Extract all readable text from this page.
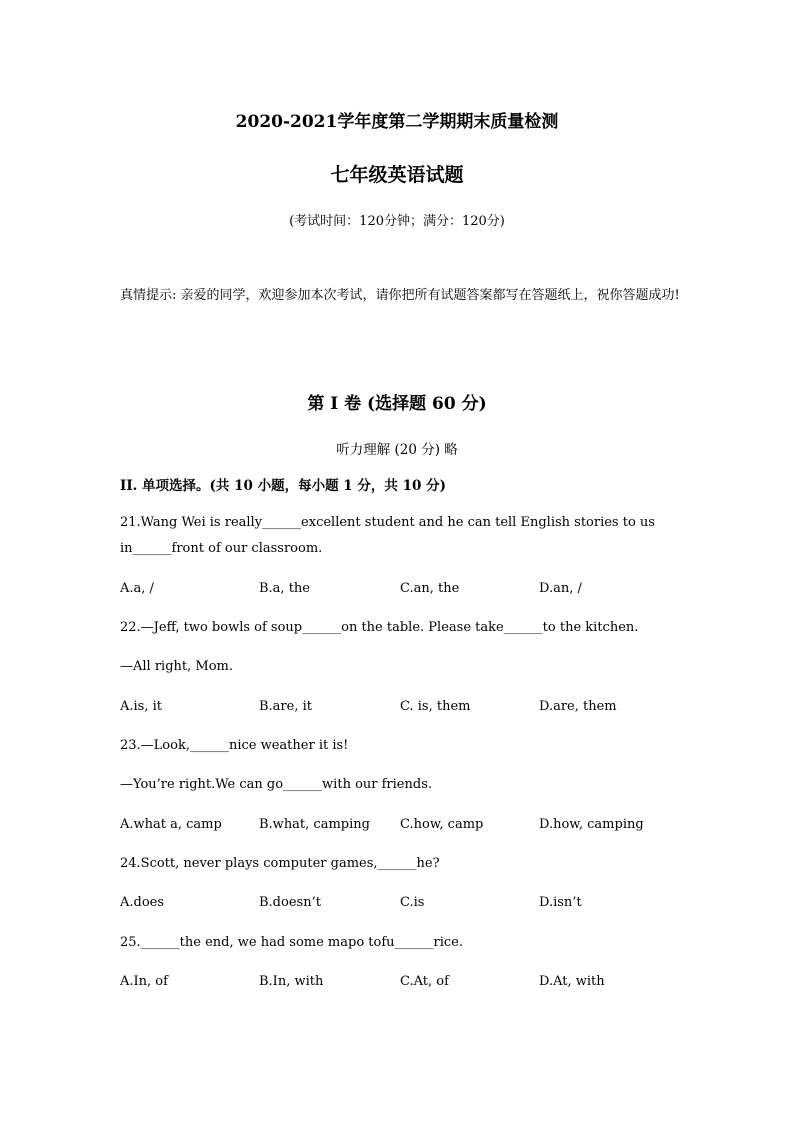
2020-2021学年度第二学期期末质量检测
七年级英语试题
(考试时间：120分钟；满分：120分)
真情提示: 亲爱的同学，欢迎参加本次考试，请你把所有试题答案都写在答题纸上，祝你答题成功!
第 I 卷 (选择题 60 分)
听力理解 (20 分) 略
II. 单项选择。(共 10 小题，每小题 1 分，共 10 分)
21.Wang Wei is really______excellent student and he can tell English stories to us in______front of our classroom.
A.a, /	B.a, the	C.an, the	D.an, /
22.—Jeff, two bowls of soup______on the table. Please take______to the kitchen.
—All right, Mom.
A.is, it	B.are, it	C. is, them	D.are, them
23.—Look,______nice weather it is!
—You’re right.We can go______with our friends.
A.what a, camp	B.what, camping C.how, camp	D.how, camping
24.Scott, never plays computer games,______he?
A.does	B.doesn’t	C.is	D.isn’t
25.______the end, we had some mapo tofu______rice.
A.In, of	B.In, with	C.At, of	D.At, with
